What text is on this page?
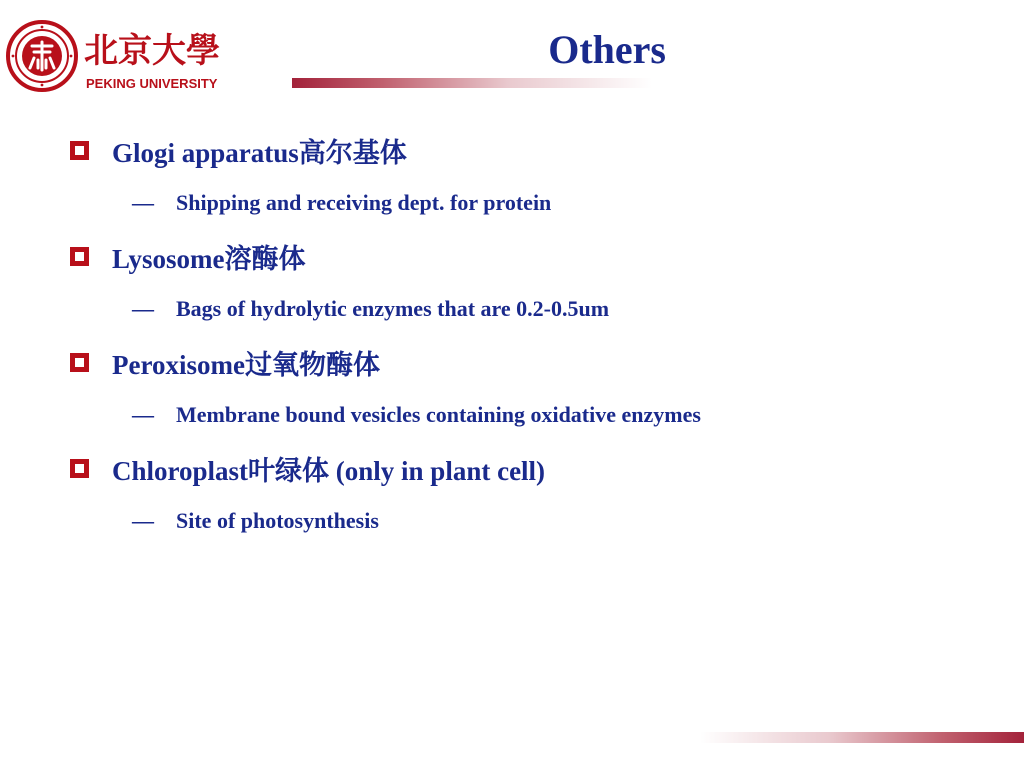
北京大學
PEKING UNIVERSITY
Others
Glogi apparatus高尔基体
—	Shipping and receiving dept. for protein
Lysosome溶酶体
—	Bags of hydrolytic enzymes that are 0.2-0.5um
Peroxisome过氧物酶体
—	Membrane bound vesicles containing oxidative enzymes
Chloroplast叶绿体 (only in plant cell)
—	Site of photosynthesis
